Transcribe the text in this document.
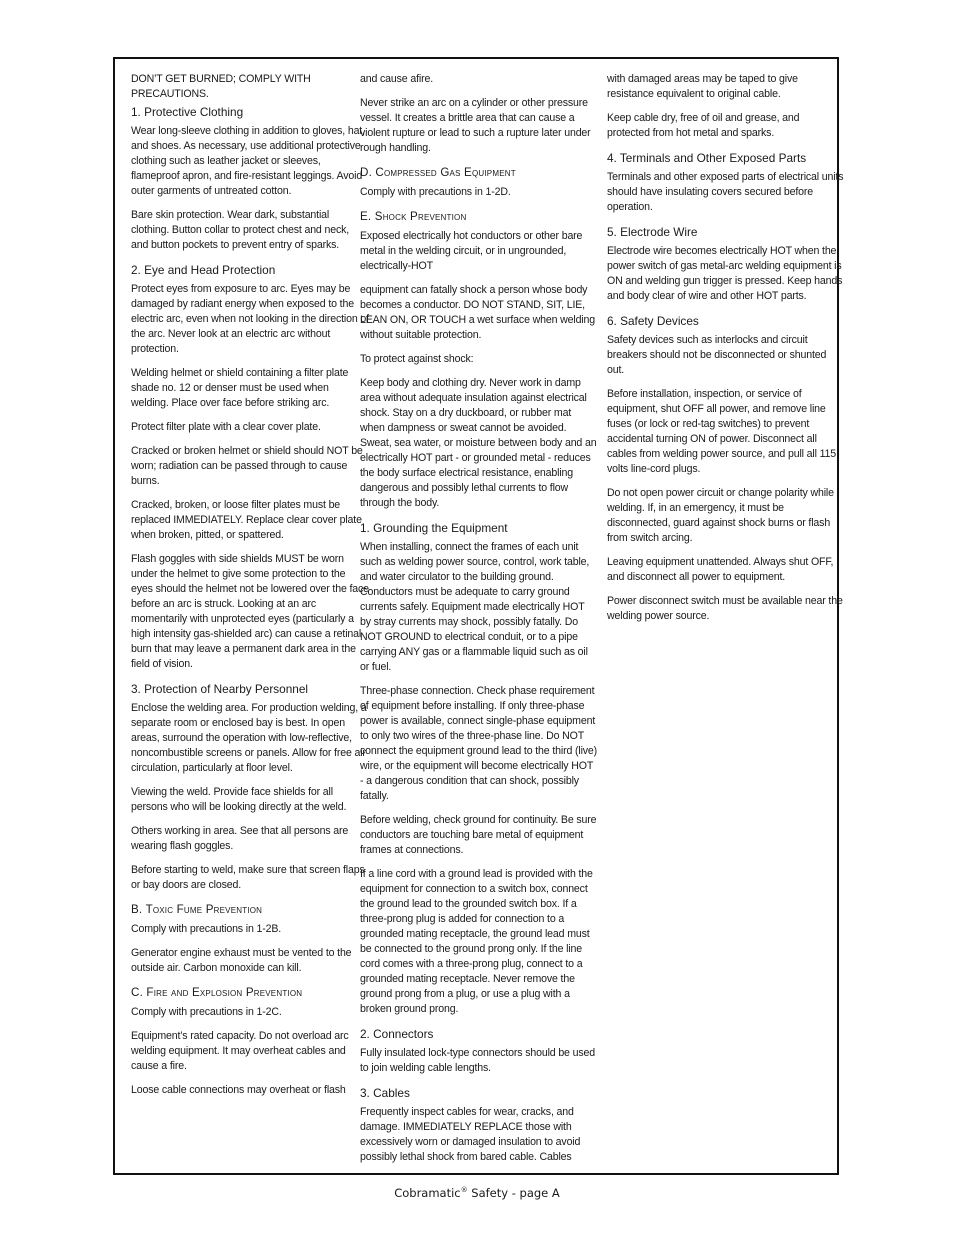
DON’T GET BURNED; COMPLY WITH PRECAUTIONS.

1. Protective Clothing

Wear long-sleeve clothing in addition to gloves, hat, and shoes. As necessary, use additional protective clothing such as leather jacket or sleeves, flameproof apron, and fire-resistant leggings. Avoid outer garments of untreated cotton.

Bare skin protection. Wear dark, substantial clothing. Button collar to protect chest and neck, and button pockets to prevent entry of sparks.

2. Eye and Head Protection

Protect eyes from exposure to arc. Eyes may be damaged by radiant energy when exposed to the electric arc, even when not looking in the direction of the arc. Never look at an electric arc without protection.

Welding helmet or shield containing a filter plate shade no. 12 or denser must be used when welding. Place over face before striking arc.

Protect filter plate with a clear cover plate.

Cracked or broken helmet or shield should NOT be worn; radiation can be passed through to cause burns.

Cracked, broken, or loose filter plates must be replaced IMMEDIATELY. Replace clear cover plate when broken, pitted, or spattered.

Flash goggles with side shields MUST be worn under the helmet to give some protection to the eyes should the helmet not be lowered over the face before an arc is struck. Looking at an arc momentarily with unprotected eyes (particularly a high intensity gas-shielded arc) can cause a retinal burn that may leave a permanent dark area in the field of vision.

3. Protection of Nearby Personnel

Enclose the welding area. For production welding, a separate room or enclosed bay is best. In open areas, surround the operation with low-reflective, noncombustible screens or panels. Allow for free air circulation, particularly at floor level.

Viewing the weld. Provide face shields for all persons who will be looking directly at the weld.

Others working in area. See that all persons are wearing flash goggles.

Before starting to weld, make sure that screen flaps or bay doors are closed.

B. Toxic Fume Prevention

Comply with precautions in 1-2B.

Generator engine exhaust must be vented to the outside air. Carbon monoxide can kill.

C. Fire and Explosion Prevention

Comply with precautions in 1-2C.

Equipment’s rated capacity. Do not overload arc welding equipment. It may overheat cables and cause a fire.

Loose cable connections may overheat or flash

and cause afire.

Never strike an arc on a cylinder or other pressure vessel. It creates a brittle area that can cause a violent rupture or lead to such a rupture later under rough handling.

D. Compressed Gas Equipment

Comply with precautions in 1-2D.

E. Shock Prevention

Exposed electrically hot conductors or other bare metal in the welding circuit, or in ungrounded, electrically-HOT

equipment can fatally shock a person whose body becomes a conductor. DO NOT STAND, SIT, LIE, LEAN ON, OR TOUCH a wet surface when welding without suitable protection.

To protect against shock:

Keep body and clothing dry. Never work in damp area without adequate insulation against electrical shock. Stay on a dry duckboard, or rubber mat when dampness or sweat cannot be avoided. Sweat, sea water, or moisture between body and an electrically HOT part - or grounded metal - reduces the body surface electrical resistance, enabling dangerous and possibly lethal currents to flow through the body.

1. Grounding the Equipment

When installing, connect the frames of each unit such as welding power source, control, work table, and water circulator to the building ground. Conductors must be adequate to carry ground currents safely. Equipment made electrically HOT by stray currents may shock, possibly fatally. Do NOT GROUND to electrical conduit, or to a pipe carrying ANY gas or a flammable liquid such as oil or fuel.

Three-phase connection. Check phase requirement of equipment before installing. If only three-phase power is available, connect single-phase equipment to only two wires of the three-phase line. Do NOT connect the equipment ground lead to the third (live) wire, or the equipment will become electrically HOT - a dangerous condition that can shock, possibly fatally.

Before welding, check ground for continuity. Be sure conductors are touching bare metal of equipment frames at connections.

If a line cord with a ground lead is provided with the equipment for connection to a switch box, connect the ground lead to the grounded switch box. If a three-prong plug is added for connection to a grounded mating receptacle, the ground lead must be connected to the ground prong only. If the line cord comes with a three-prong plug, connect to a grounded mating receptacle. Never remove the ground prong from a plug, or use a plug with a broken ground prong.

2. Connectors

Fully insulated lock-type connectors should be used to join welding cable lengths.

3. Cables

Frequently inspect cables for wear, cracks, and damage. IMMEDIATELY REPLACE those with excessively worn or damaged insulation to avoid possibly lethal shock from bared cable. Cables

with damaged areas may be taped to give resistance equivalent to original cable.

Keep cable dry, free of oil and grease, and protected from hot metal and sparks.

4. Terminals and Other Exposed Parts

Terminals and other exposed parts of electrical units should have insulating covers secured before operation.

5. Electrode Wire

Electrode wire becomes electrically HOT when the power switch of gas metal-arc welding equipment is ON and welding gun trigger is pressed. Keep hands and body clear of wire and other HOT parts.

6. Safety Devices

Safety devices such as interlocks and circuit breakers should not be disconnected or shunted out.

Before installation, inspection, or service of equipment, shut OFF all power, and remove line fuses (or lock or red-tag switches) to prevent accidental turning ON of power. Disconnect all cables from welding power source, and pull all 115 volts line-cord plugs.

Do not open power circuit or change polarity while welding. If, in an emergency, it must be disconnected, guard against shock burns or flash from switch arcing.

Leaving equipment unattended. Always shut OFF, and disconnect all power to equipment.

Power disconnect switch must be available near the welding power source.

Cobramatic® Safety - page A
